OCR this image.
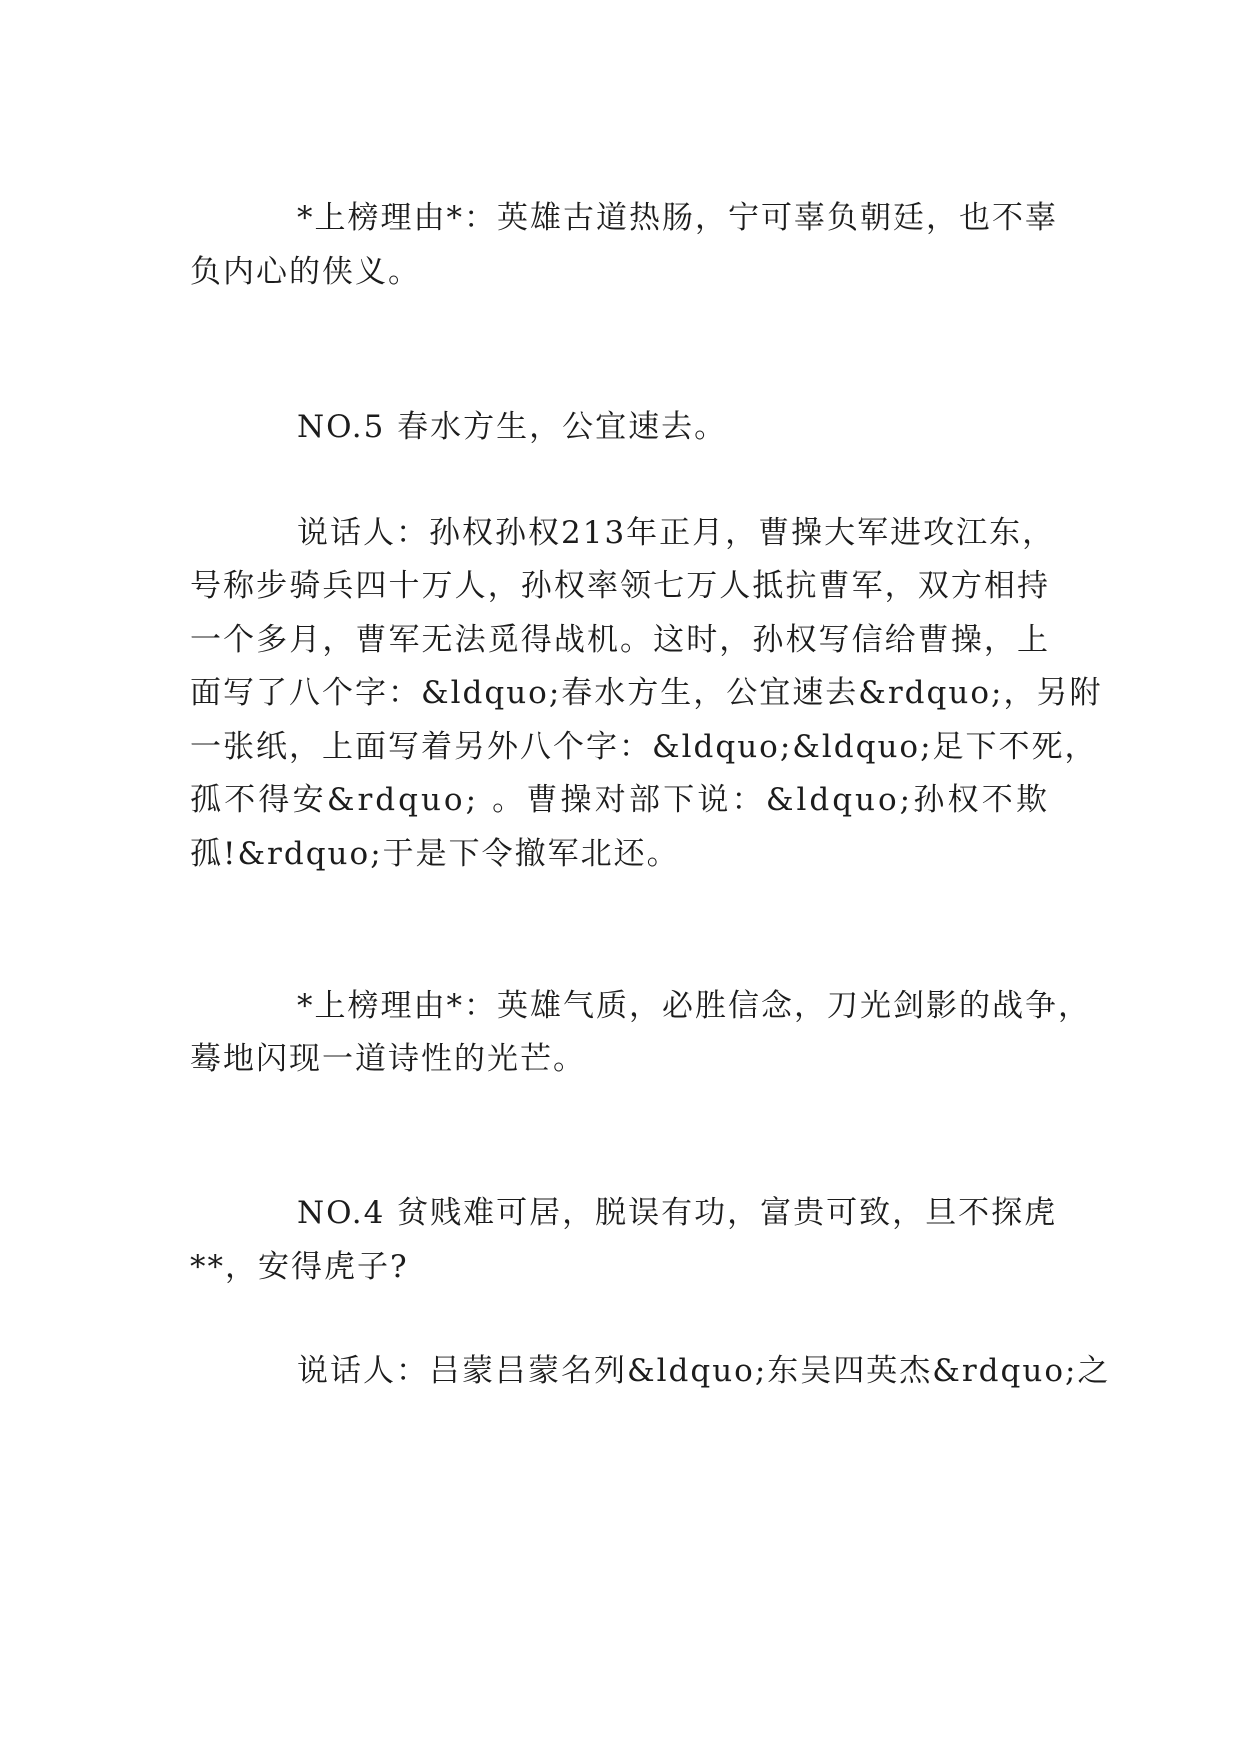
*上榜理由*：英雄古道热肠，宁可辜负朝廷，也不辜
负内心的侠义。
NO.5 春水方生，公宜速去。
说话人：孙权孙权213年正月，曹操大军进攻江东，
号称步骑兵四十万人，孙权率领七万人抵抗曹军，双方相持
一个多月，曹军无法觅得战机。这时，孙权写信给曹操，上
面写了八个字：&ldquo;春水方生，公宜速去&rdquo;，另附
一张纸，上面写着另外八个字：&ldquo;&ldquo;足下不死，
孤不得安&rdquo; 。曹操对部下说：&ldquo;孙权不欺
孤!&rdquo;于是下令撤军北还。
*上榜理由*：英雄气质，必胜信念，刀光剑影的战争，
蓦地闪现一道诗性的光芒。
NO.4 贫贱难可居，脱误有功，富贵可致，旦不探虎
**，安得虎子?
说话人：吕蒙吕蒙名列&ldquo;东吴四英杰&rdquo;之
